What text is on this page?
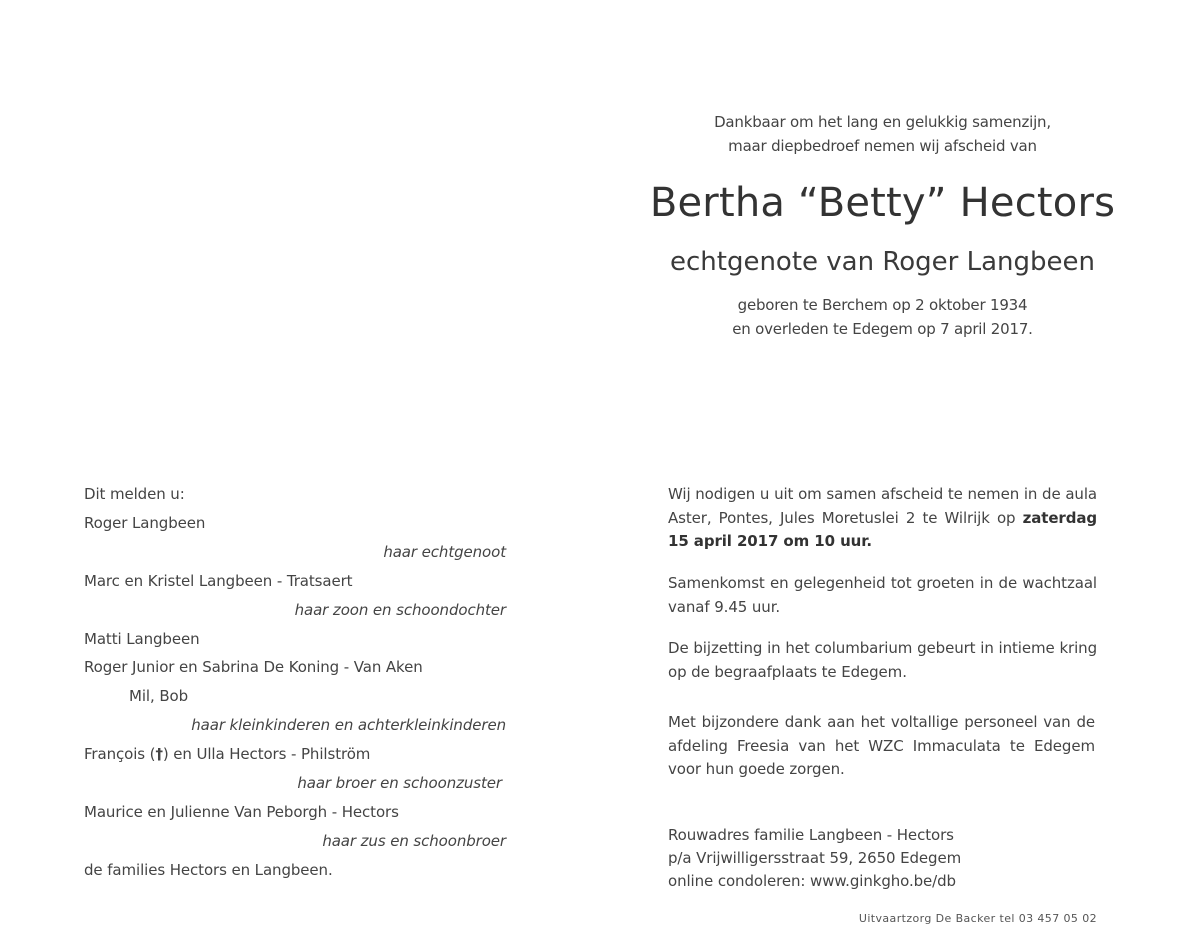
Dankbaar om het lang en gelukkig samenzijn,
maar diepbedroef nemen wij afscheid van
Bertha “Betty” Hectors
echtgenote van Roger Langbeen
geboren te Berchem op 2 oktober 1934
en overleden te Edegem op 7 april 2017.
Dit melden u:
Roger Langbeen
haar echtgenoot
Marc en Kristel Langbeen - Tratsaert
haar zoon en schoondochter
Matti Langbeen
Roger Junior en Sabrina De Koning - Van Aken
Mil, Bob
haar kleinkinderen en achterkleinkinderen
François (†) en Ulla Hectors - Philström
haar broer en schoonzuster
Maurice en Julienne Van Peborgh - Hectors
haar zus en schoonbroer
de families Hectors en Langbeen.
Wij nodigen u uit om samen afscheid te nemen in de aula Aster, Pontes, Jules Moretuslei 2 te Wilrijk op zaterdag 15 april 2017 om 10 uur.
Samenkomst en gelegenheid tot groeten in de wachtzaal vanaf 9.45 uur.
De bijzetting in het columbarium gebeurt in intieme kring op de begraafplaats te Edegem.
Met bijzondere dank aan het voltallige personeel van de afdeling Freesia van het WZC Immaculata te Edegem voor hun goede zorgen.
Rouwadres familie Langbeen - Hectors
p/a Vrijwilligersstraat 59, 2650 Edegem
online condoleren: www.ginkgho.be/db
Uitvaartzorg De Backer tel 03 457 05 02
